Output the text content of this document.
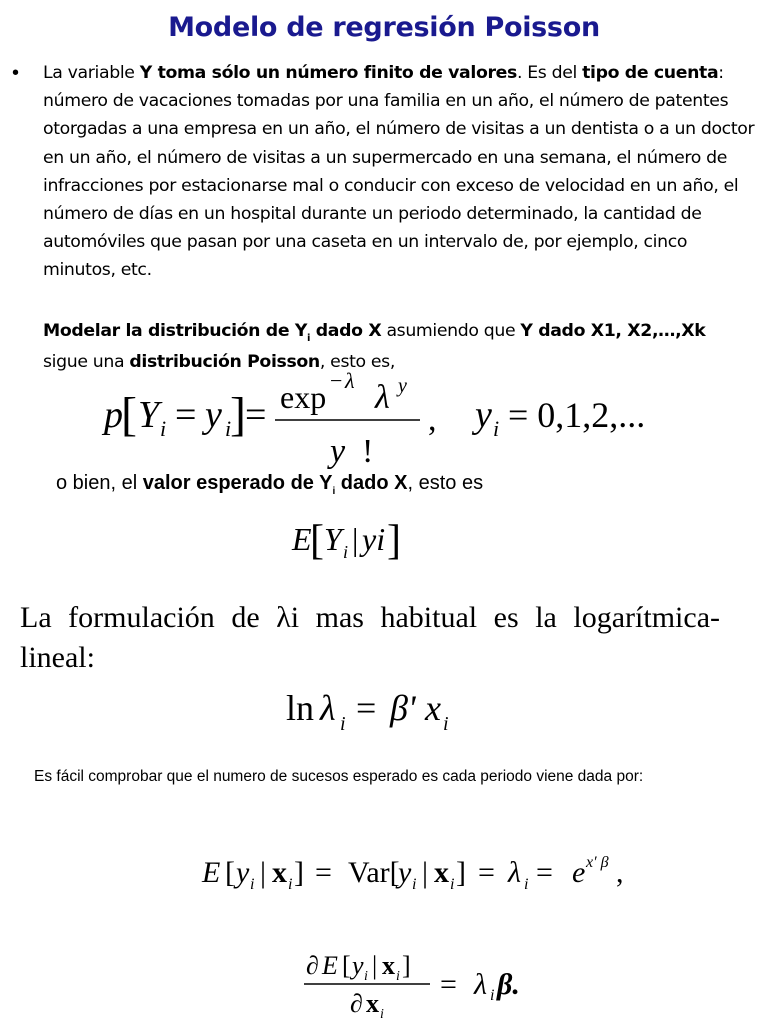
Modelo de regresión Poisson
• La variable Y toma sólo un número finito de valores. Es del tipo de cuenta: número de vacaciones tomadas por una familia en un año, el número de patentes otorgadas a una empresa en un año, el número de visitas a un dentista o a un doctor en un año, el número de visitas a un supermercado en una semana, el número de infracciones por estacionarse mal o conducir con exceso de velocidad en un año, el número de días en un hospital durante un periodo determinado, la cantidad de automóviles que pasan por una caseta en un intervalo de, por ejemplo, cinco minutos, etc.
Modelar la distribución de $Y_i$ dado X asumiendo que Y dado X1, X2,…,Xk
sigue una distribución Poisson, esto es,
p
[ Y i = y i
] = exp − λ λ y
y !
, y i = 0,1,2,...
o bien, el valor esperado de $Y_i$ dado X, esto es
E
[ Y i | yi ]
La formulación de λi mas habitual es la logarítmica-lineal:
ln λ i = β' x i
Es fácil comprobar que el numero de sucesos esperado es cada periodo viene dada por:
E [ y i | x i ] = Var[
y i | x i ] = λ i = e x′ β ,
∂ E [ y i | x i ]
∂ x i
= λ i β.
